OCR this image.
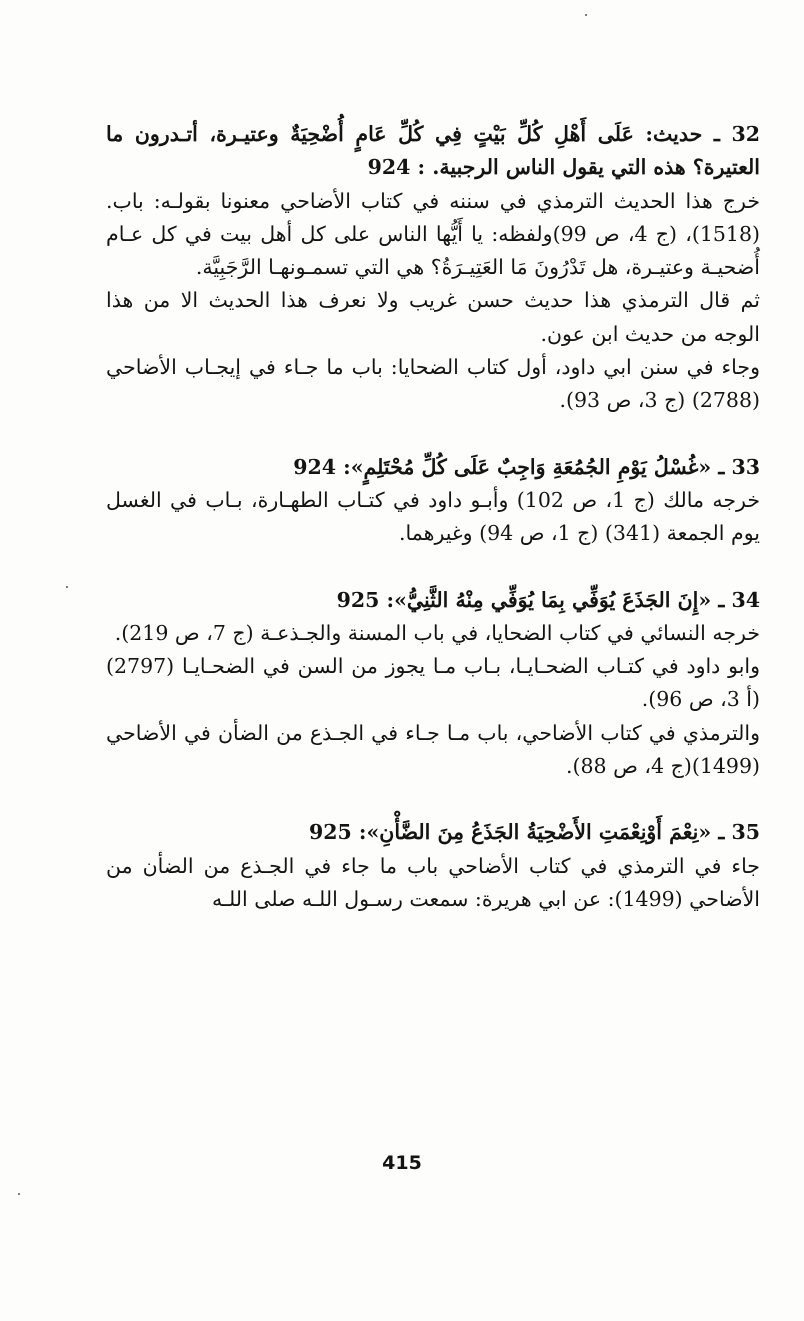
32 ـ حديث: عَلَى أَهْلِ كُلِّ بَيْتٍ فِي كُلِّ عَامٍ أُضْحِيَةٌ وعتيـرة، أتـدرون ما العتيرة؟ هذه التي يقول الناس الرجبية. : 924

خرج هذا الحديث الترمذي في سننه في كتاب الأضاحي معنونا بقولـه: باب. (1518)، (ج 4، ص 99)ولفظه: يا أَيُّها الناس على كل أهل بيت في كل عـام أُضحيـة وعتيـرة، هل تَدْرُونَ مَا العَتِيـرَةُ؟ هي التي تسمـونهـا الرَّجَبِيَّة.

ثم قال الترمذي هذا حديث حسن غريب ولا نعرف هذا الحديث الا من هذا الوجه من حديث ابن عون.

وجاء في سنن ابي داود، أول كتاب الضحايا: باب ما جـاء في إيجـاب الأضاحي (2788) (ج 3، ص 93).

33 ـ «غُسْلُ يَوْمِ الجُمُعَةِ وَاجِبٌ عَلَى كُلِّ مُحْتَلِمٍ»: 924

خرجه مالك (ج 1، ص 102) وأبـو داود في كتـاب الطهـارة، بـاب في الغسل يوم الجمعة (341) (ج 1، ص 94) وغيرهما.

34 ـ «إِنَ الجَذَعَ يُوَفِّي بِمَا يُوَفِّي مِنْهُ الثَّنِيُّ»: 925

خرجه النسائي في كتاب الضحايا، في باب المسنة والجـذعـة (ج 7، ص 219).

وابو داود في كتـاب الضحـايـا، بـاب مـا يجوز من السن في الضحـايـا (2797) (أ 3، ص 96).

والترمذي في كتاب الأضاحي، باب مـا جـاء في الجـذع من الضأن في الأضاحي (1499)(ج 4، ص 88).

35 ـ «نِعْمَ أَوْنِعْمَتِ الأَضْحِيَةُ الجَذَعُ مِنَ الضَّأْنِ»: 925

جاء في الترمذي في كتاب الأضاحي باب ما جاء في الجـذع من الضأن من الأضاحي (1499): عن ابي هريرة: سمعت رسـول اللـه صلى اللـه

415
